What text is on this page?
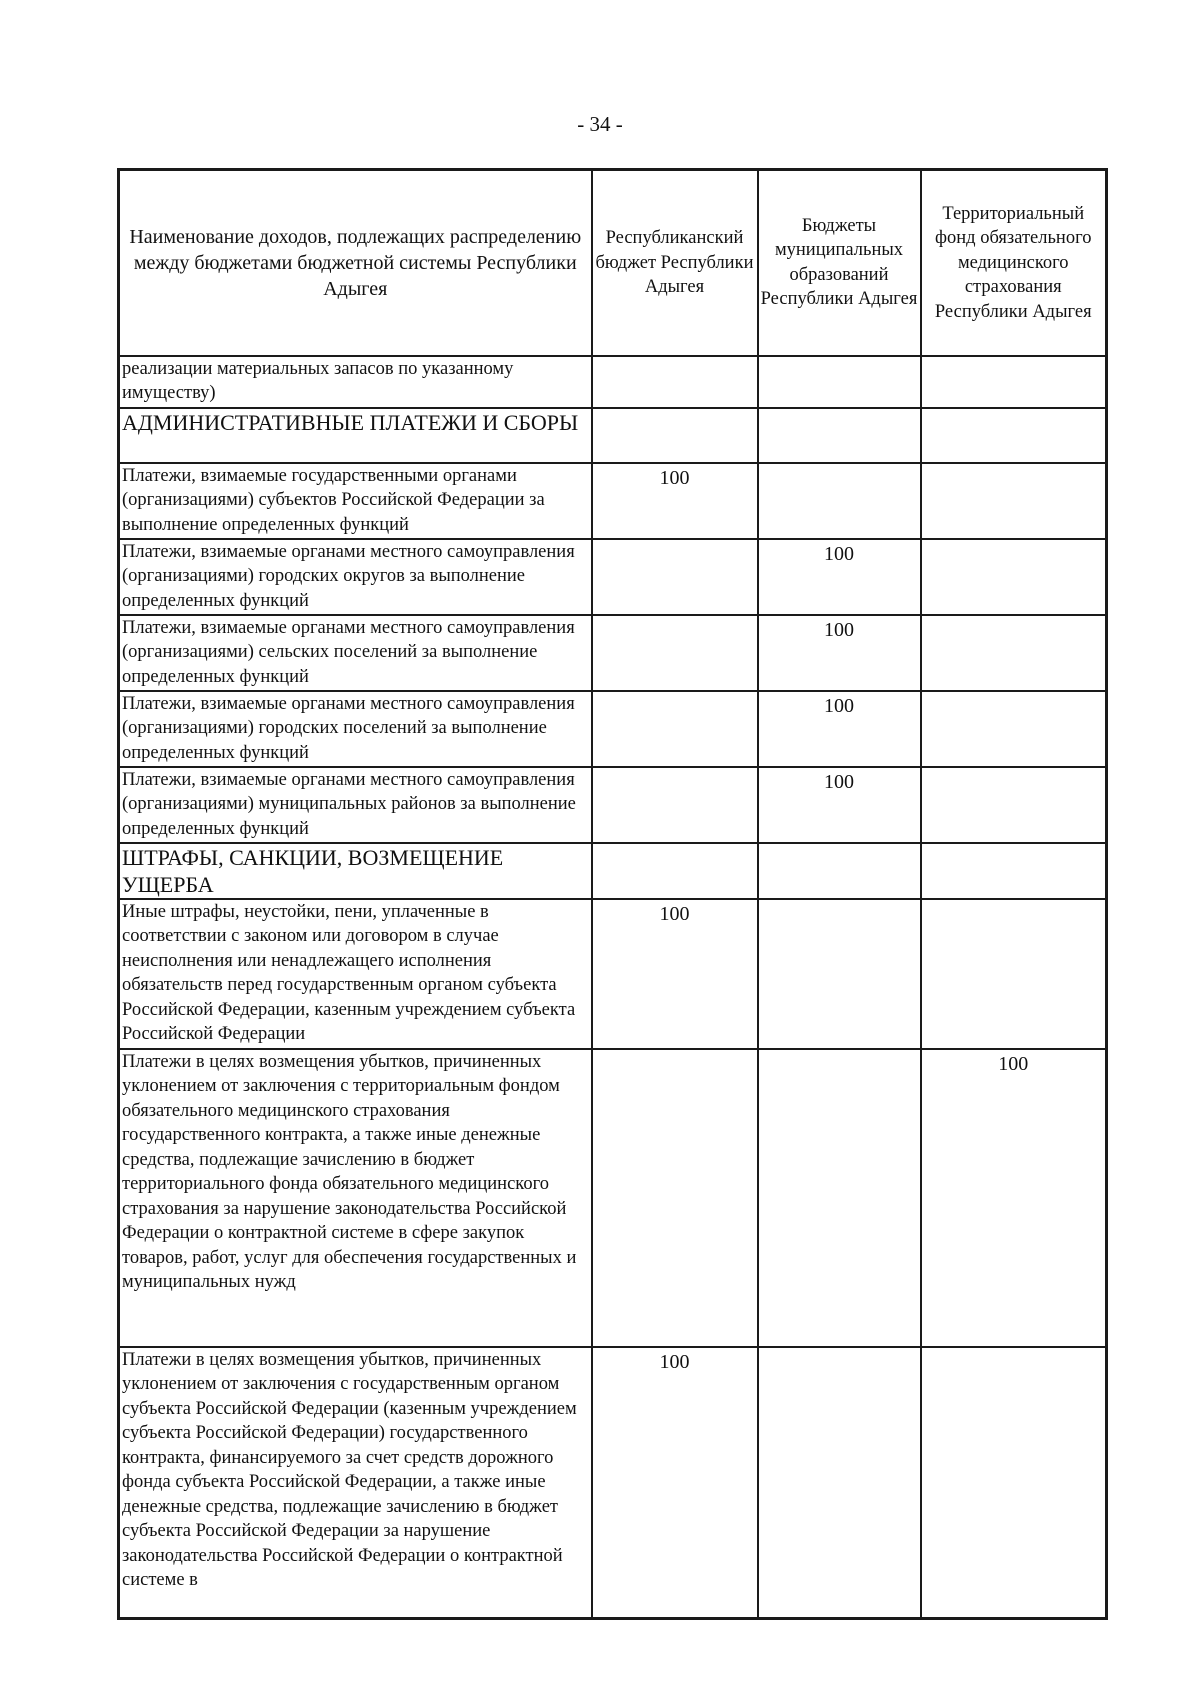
- 34 -
Наименование доходов, подлежащих распределению между бюджетами бюджетной системы Республики Адыгея	Республиканский бюджет Республики Адыгея	Бюджеты муниципальных образований Республики Адыгея	Территориальный фонд обязательного медицинского страхования Республики Адыгея
реализации материальных запасов по указанному имуществу)			
АДМИНИСТРАТИВНЫЕ ПЛАТЕЖИ И СБОРЫ			
Платежи, взимаемые государственными органами (организациями) субъектов Российской Федерации за выполнение определенных функций	100		
Платежи, взимаемые органами местного самоуправления (организациями) городских округов за выполнение определенных функций		100	
Платежи, взимаемые органами местного самоуправления (организациями) сельских поселений за выполнение определенных функций		100	
Платежи, взимаемые органами местного самоуправления (организациями) городских поселений за выполнение определенных функций		100	
Платежи, взимаемые органами местного самоуправления (организациями) муниципальных районов за выполнение определенных функций		100	
ШТРАФЫ, САНКЦИИ, ВОЗМЕЩЕНИЕ УЩЕРБА			
Иные штрафы, неустойки, пени, уплаченные в соответствии с законом или договором в случае неисполнения или ненадлежащего исполнения обязательств перед государственным органом субъекта Российской Федерации, казенным учреждением субъекта Российской Федерации	100		
Платежи в целях возмещения убытков, причиненных уклонением от заключения с территориальным фондом обязательного медицинского страхования государственного контракта, а также иные денежные средства, подлежащие зачислению в бюджет территориального фонда обязательного медицинского страхования за нарушение законодательства Российской Федерации о контрактной системе в сфере закупок товаров, работ, услуг для обеспечения государственных и муниципальных нужд			100
Платежи в целях возмещения убытков, причиненных уклонением от заключения с государственным органом субъекта Российской Федерации (казенным учреждением субъекта Российской Федерации) государственного контракта, финансируемого за счет средств дорожного фонда субъекта Российской Федерации, а также иные денежные средства, подлежащие зачислению в бюджет субъекта Российской Федерации за нарушение законодательства Российской Федерации о контрактной системе в	100		
